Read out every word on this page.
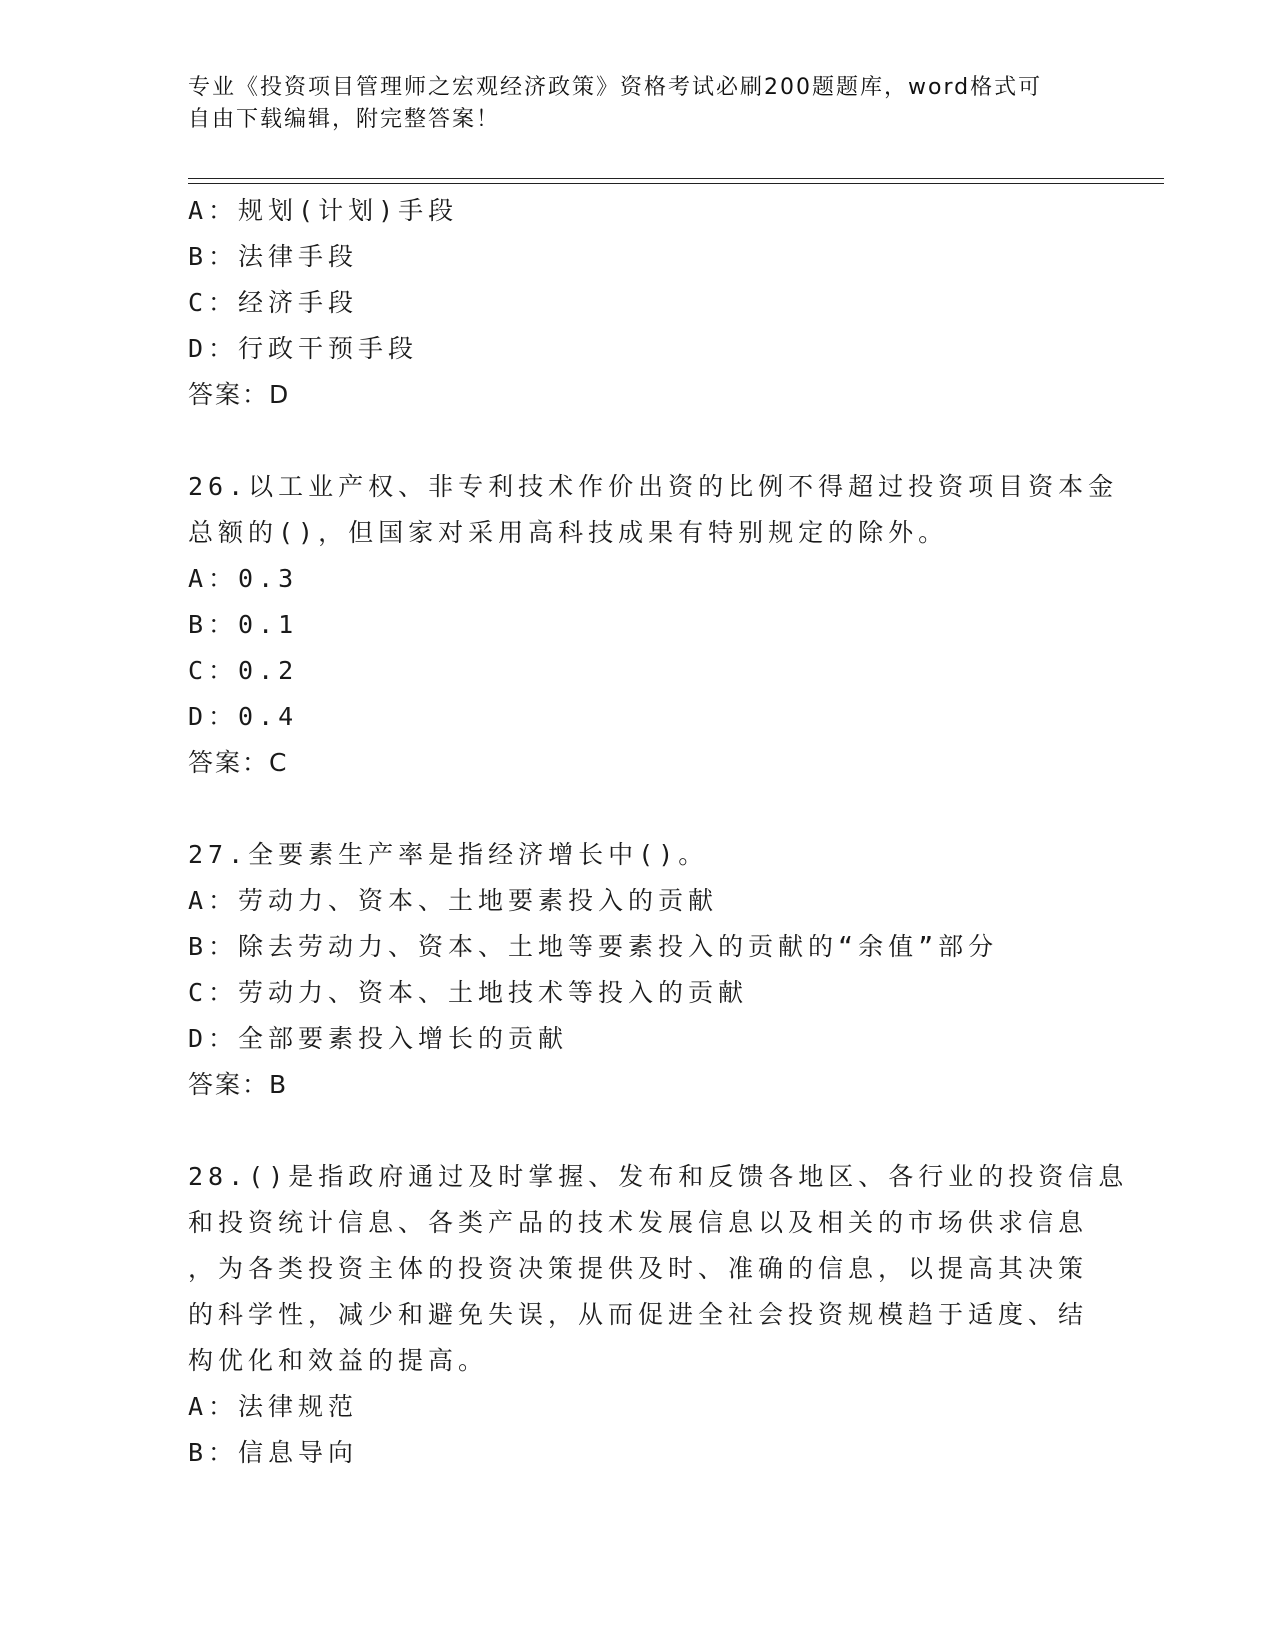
专业《投资项目管理师之宏观经济政策》资格考试必刷200题题库，word格式可
自由下载编辑，附完整答案！
A：规划(计划)手段
B：法律手段
C：经济手段
D：行政干预手段
答案：D
26.以工业产权、非专利技术作价出资的比例不得超过投资项目资本金
总额的()，但国家对采用高科技成果有特别规定的除外。
A：0.3
B：0.1
C：0.2
D：0.4
答案：C
27.全要素生产率是指经济增长中()。
A：劳动力、资本、土地要素投入的贡献
B：除去劳动力、资本、土地等要素投入的贡献的“余值”部分
C：劳动力、资本、土地技术等投入的贡献
D：全部要素投入增长的贡献
答案：B
28.()是指政府通过及时掌握、发布和反馈各地区、各行业的投资信息
和投资统计信息、各类产品的技术发展信息以及相关的市场供求信息
，为各类投资主体的投资决策提供及时、准确的信息，以提高其决策
的科学性，减少和避免失误，从而促进全社会投资规模趋于适度、结
构优化和效益的提高。
A：法律规范
B：信息导向
